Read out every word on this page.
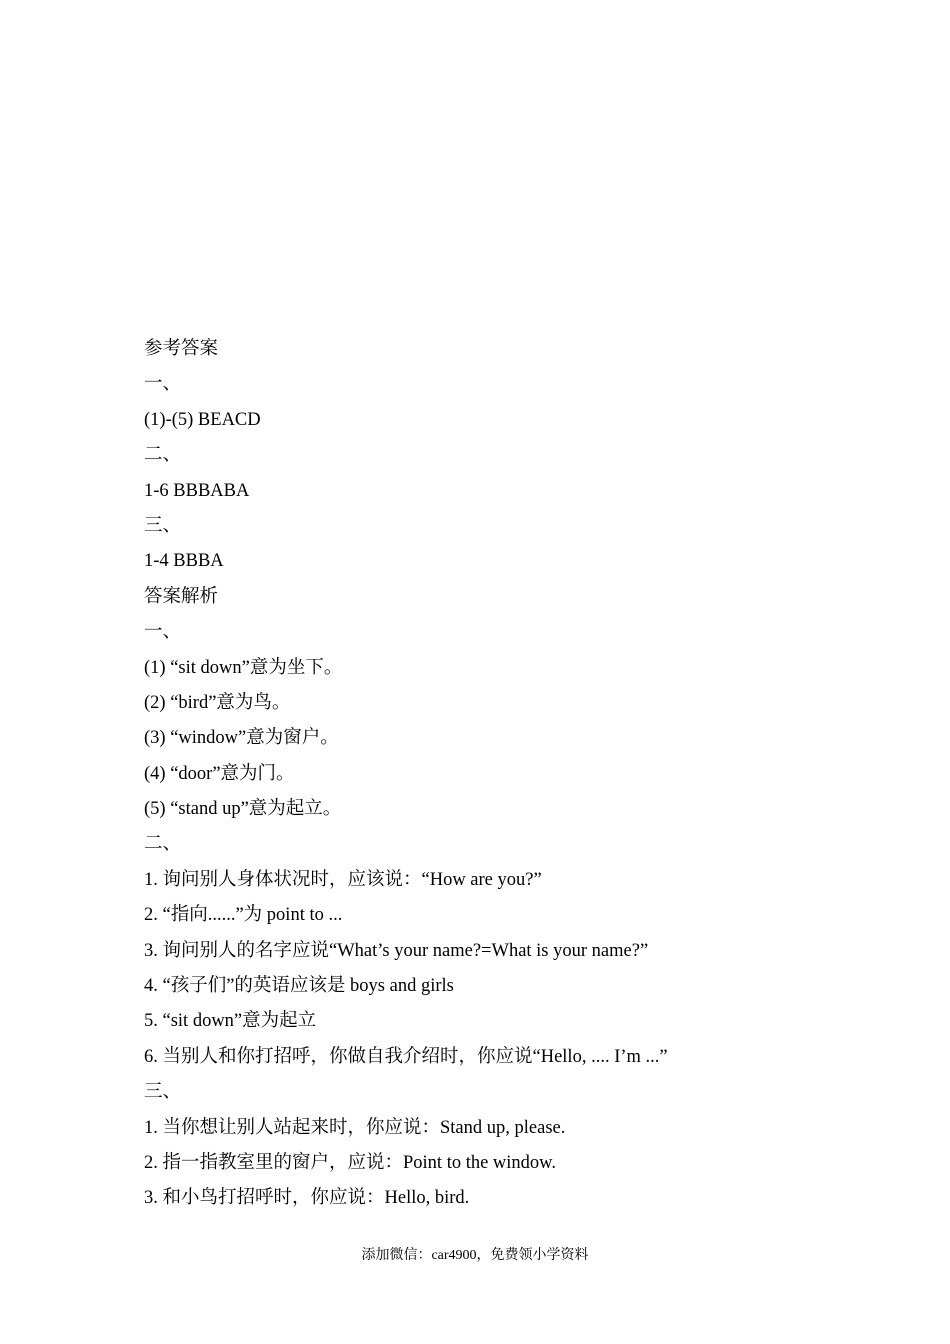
参考答案
一、
(1)-(5) BEACD
二、
1-6 BBBABA
三、
1-4 BBBA
答案解析
一、
(1) “sit down”意为坐下。
(2) “bird”意为鸟。
(3) “window”意为窗户。
(4) “door”意为门。
(5) “stand up”意为起立。
二、
1. 询问别人身体状况时，应该说：“How are you?”
2. “指向......”为 point to ...
3. 询问别人的名字应说“What’s your name?=What is your name?”
4. “孩子们”的英语应该是 boys and girls
5. “sit down”意为起立
6. 当别人和你打招呼，你做自我介绍时，你应说“Hello, .... I’m ...”
三、
1. 当你想让别人站起来时，你应说：Stand up, please.
2. 指一指教室里的窗户，应说：Point to the window.
3. 和小鸟打招呼时，你应说：Hello, bird.
添加微信：car4900，免费领小学资料
